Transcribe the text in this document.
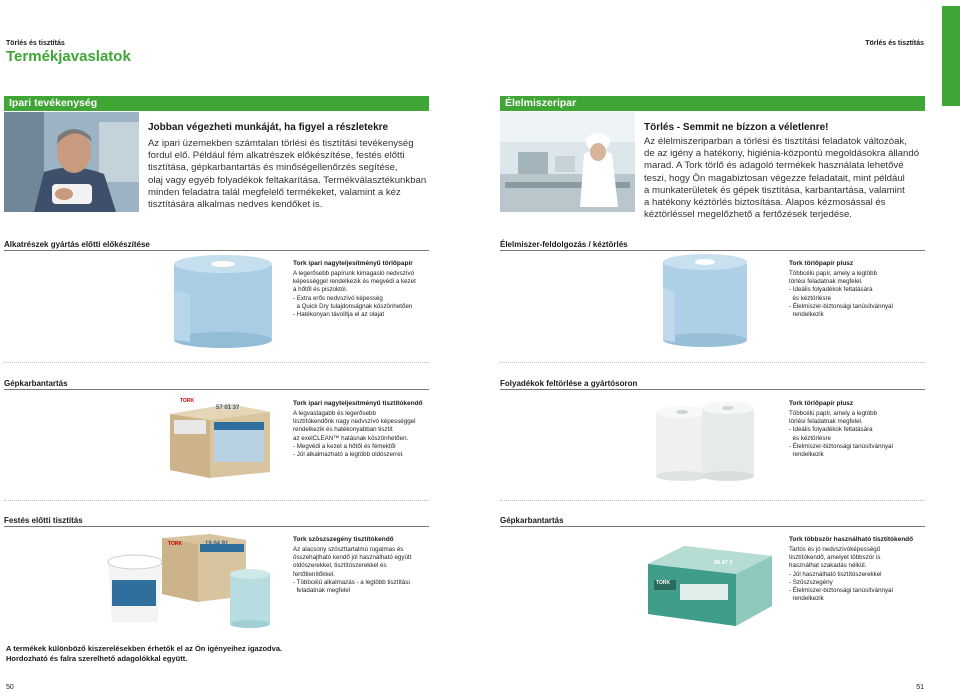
Törlés és tisztítás	Törlés és tisztítás
Termékjavaslatok
Ipari tevékenység	Élelmiszeripar
Jobban végezheti munkáját, ha figyel a részletekre
Az ipari üzemekben számtalan törlési és tisztítási tevékenység
fordul elő. Például fém alkatrészek előkészítése, festés előtti
tisztítása, gépkarbantartás és minőségellenőrzés segítése,
olaj vagy egyéb folyadékok feltakarítása. Termékválasztékunkban
minden feladatra talál megfelelő termékeket, valamint a kéz
tisztítására alkalmas nedves kendőket is.
Törlés - Semmit ne bízzon a véletlenre!
Az élelmiszeriparban a törlési és tisztítási feladatok változóak,
de az igény a hatékony, higiénia-központú megoldásokra állandó
marad. A Tork törlő és adagoló termékek használata lehetővé
teszi, hogy Ön magabiztosan végezze feladatait, mint például
a munkaterületek és gépek tisztítása, karbantartása, valamint
a hatékony kéztörlés biztosítása. Alapos kézmosással és
kéztörléssel megelőzhető a fertőzések terjedése.
Alkatrészek gyártás előtti előkészítése	Élelmiszer-feldolgozás / kéztörlés
Tork ipari nagyteljesítményű törlőpapír
A legerősebb papírunk kimagasló nedvszívó
képességgel rendelkezik és megvédi a kezet
a hőtől és piszoktól.
- Extra erős nedvszívó képesség
a Quick Dry tulajdonságnak köszönhetően
- Hatékonyan távolítja el az olajat
Tork törlőpapír plusz
Többcélú papír, amely a legtöbb
törlési feladatnak megfelel.
- Ideális folyadékok feltatására
és kéztörlésre
- Élelmiszer-biztonsági tanúsítvánnyal
rendelkezik
Gépkarbantartás	Folyadékok feltörlése a gyártósoron
TORK
57 01 37
Tork ipari nagyteljesítményű tisztítókendő
A legvastagabb és legerősebb
tisztítókendőnk nagy nedvszívó képességgel
rendelkezik és hatékonyabban tisztít
az exelCLEAN™ hatásnak köszönhetően.
- Megvédi a kezet a hőtől és fémektől
- Jól alkalmazható a legtöbb oldószerrel.
Tork törlőpapír plusz
Többcélú papír, amely a legtöbb
törlési feladatnak megfelel.
- Ideális folyadékok feltatására
és kéztörlésre
- Élelmiszer-biztonsági tanúsítvánnyal
rendelkezik
Festés előtti tisztítás	Gépkarbantartás
TORK	19 04 91
Tork szöszszegény tisztítókendő
Az alacsony szöszttartalmú rugalmas és
összehajtható kendő jól használható együtt
oldószerekkel, tisztítószerekkel és
fertőtlenítőkkel.
- Többcélú alkalmazás - a legtöbb tisztítási
feladatnak megfelel
TORK
90 47 3
Tork többször használható tisztítókendő
Tartós és jó nedvszívóképességű
tisztítókendő, amelyet többször is
használhat szakadás nélkül.
- Jól használható tisztítószerekkel
- Szöszszegény
- Élelmiszer-biztonsági tanúsítvánnyal
rendelkezik
A termékek különböző kiszerelésekben érhetők el az Ön igényeihez igazodva.
Hordozható és falra szerelhető adagolókkal együtt.
50	51
